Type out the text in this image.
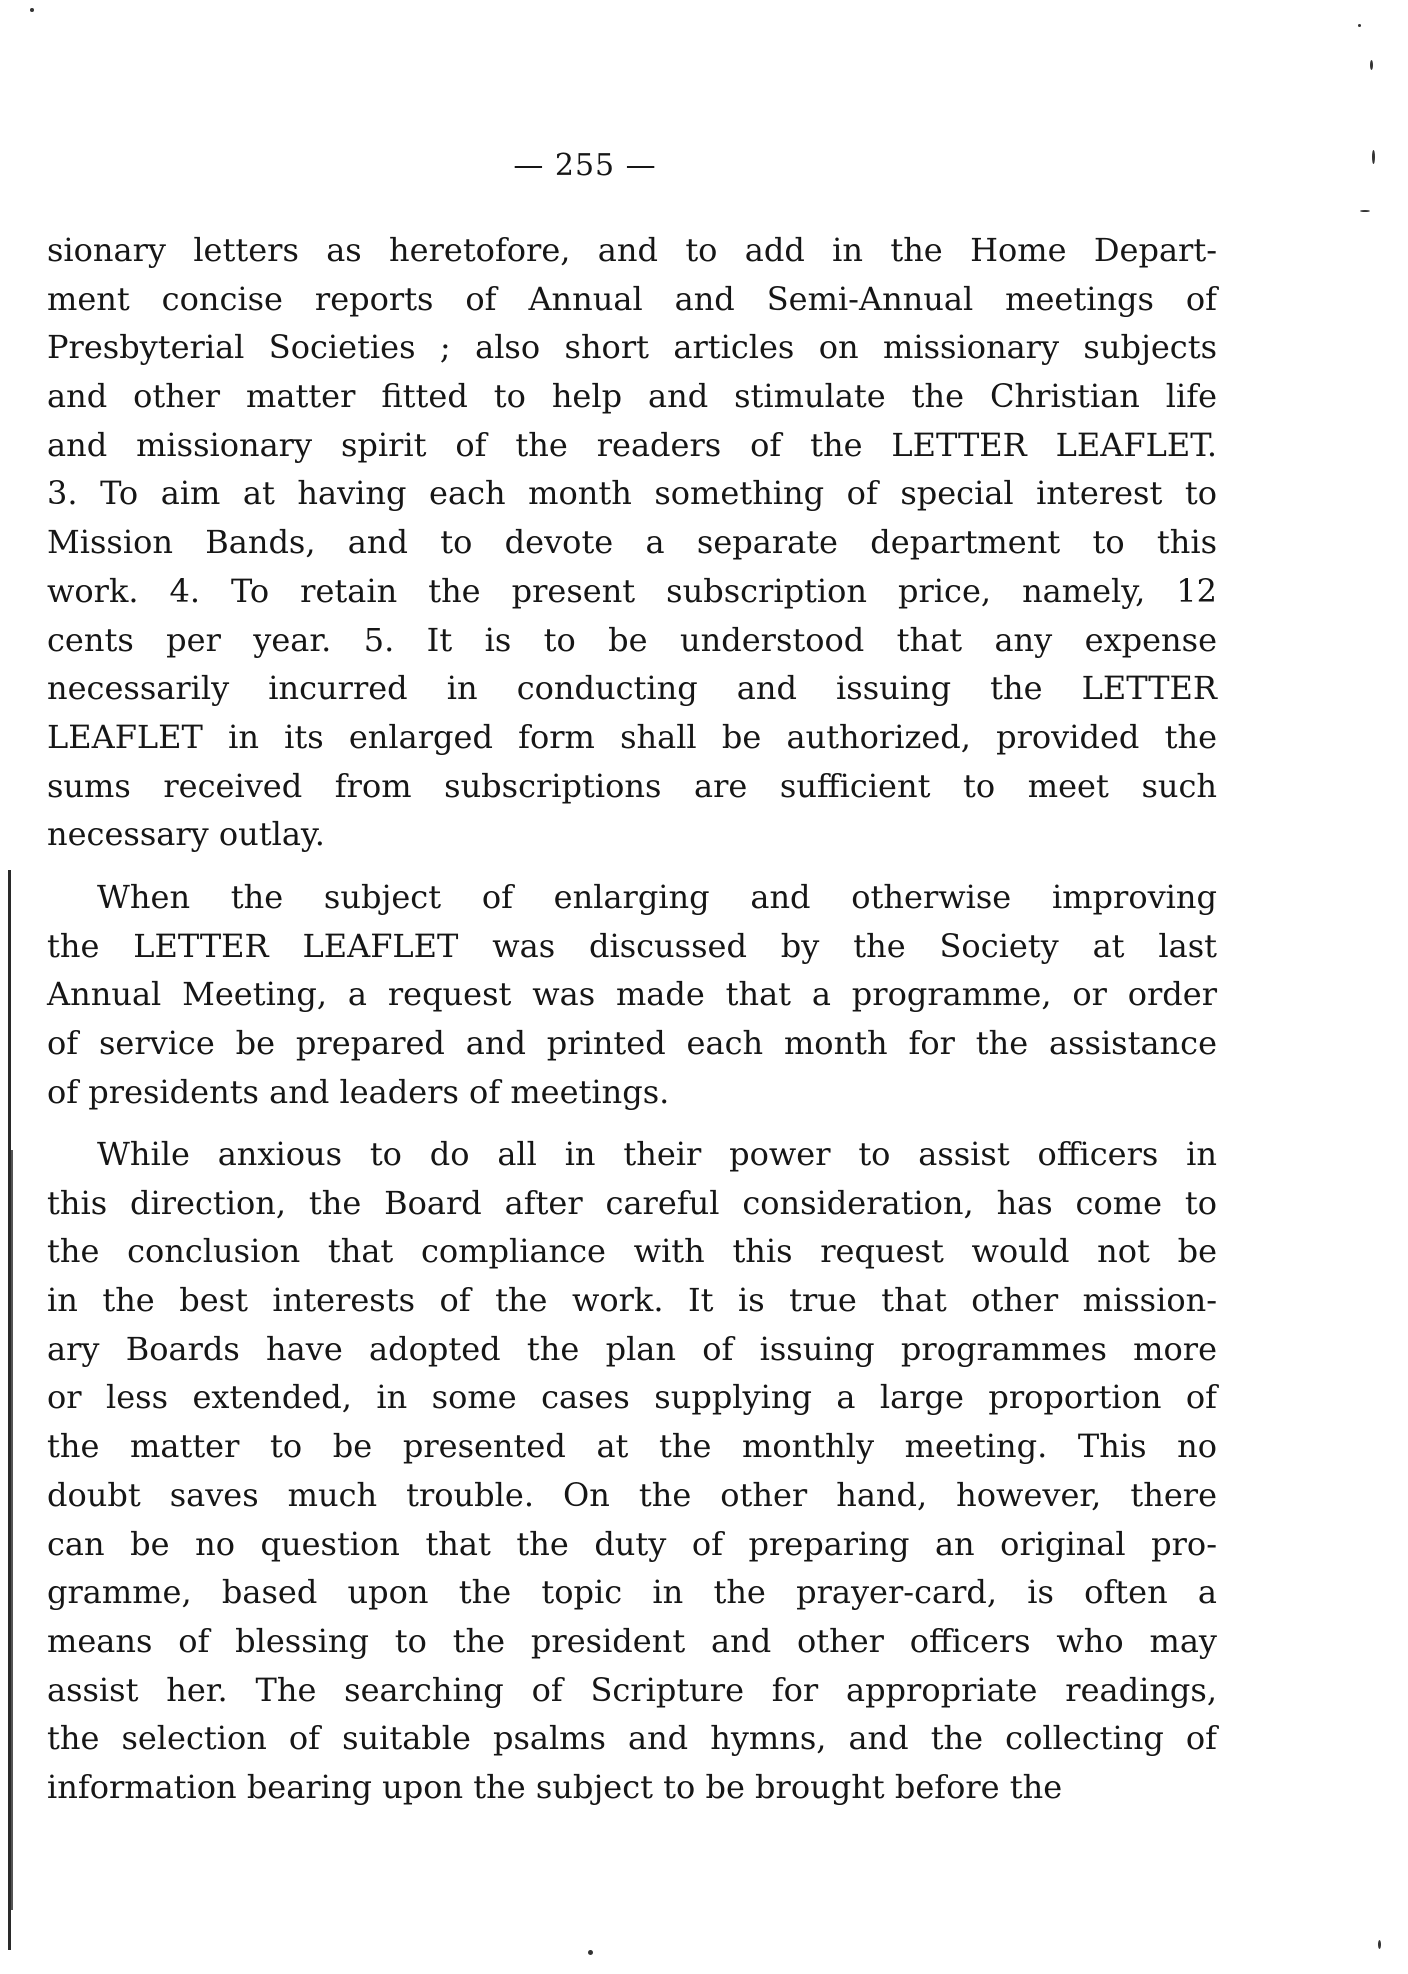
— 255 —
sionary letters as heretofore, and to add in the Home Depart-
ment concise reports of Annual and Semi-Annual meetings of
Presbyterial Societies ; also short articles on missionary subjects
and other matter fitted to help and stimulate the Christian life
and missionary spirit of the readers of the LETTER LEAFLET.
3. To aim at having each month something of special interest to
Mission Bands, and to devote a separate department to this
work. 4. To retain the present subscription price, namely, 12
cents per year. 5. It is to be understood that any expense
necessarily incurred in conducting and issuing the LETTER
LEAFLET in its enlarged form shall be authorized, provided the
sums received from subscriptions are sufficient to meet such
necessary outlay.
When the subject of enlarging and otherwise improving
the LETTER LEAFLET was discussed by the Society at last
Annual Meeting, a request was made that a programme, or order
of service be prepared and printed each month for the assistance
of presidents and leaders of meetings.
While anxious to do all in their power to assist officers in
this direction, the Board after careful consideration, has come to
the conclusion that compliance with this request would not be
in the best interests of the work. It is true that other mission-
ary Boards have adopted the plan of issuing programmes more
or less extended, in some cases supplying a large proportion of
the matter to be presented at the monthly meeting. This no
doubt saves much trouble. On the other hand, however, there
can be no question that the duty of preparing an original pro-
gramme, based upon the topic in the prayer-card, is often a
means of blessing to the president and other officers who may
assist her. The searching of Scripture for appropriate readings,
the selection of suitable psalms and hymns, and the collecting of
information bearing upon the subject to be brought before the
